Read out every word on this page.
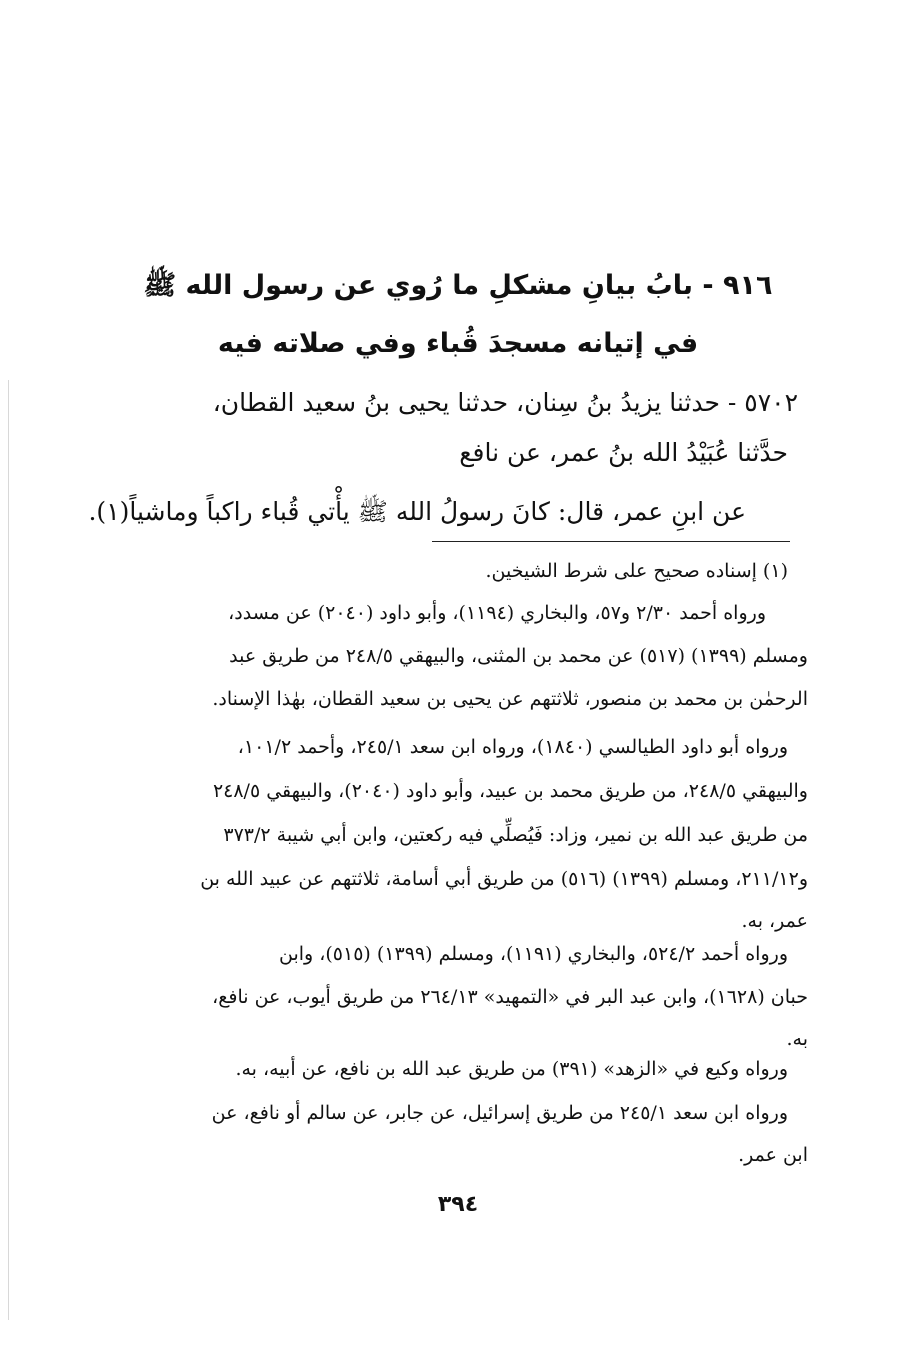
٩١٦ - بابُ بيانِ مشكلِ ما رُوي عن رسول الله ﷺ
في إتيانه مسجدَ قُباء وفي صلاته فيه
٥٧٠٢ - حدثنا يزيدُ بنُ سِنان، حدثنا يحيى بنُ سعيد القطان،
حدَّثنا عُبَيْدُ الله بنُ عمر، عن نافع
عن ابنِ عمر، قال: كانَ رسولُ الله ﷺ يأْتي قُباء راكباً وماشياً(١).
(١) إسناده صحيح على شرط الشيخين.
ورواه أحمد ٢/٣٠ و٥٧، والبخاري (١١٩٤)، وأبو داود (٢٠٤٠) عن مسدد،
ومسلم (١٣٩٩) (٥١٧) عن محمد بن المثنى، والبيهقي ٢٤٨/٥ من طريق عبد
الرحمٰن بن محمد بن منصور، ثلاثتهم عن يحيى بن سعيد القطان، بهٰذا الإسناد.
ورواه أبو داود الطيالسي (١٨٤٠)، ورواه ابن سعد ٢٤٥/١، وأحمد ١٠١/٢،
والبيهقي ٢٤٨/٥، من طريق محمد بن عبيد، وأبو داود (٢٠٤٠)، والبيهقي ٢٤٨/٥
من طريق عبد الله بن نمير، وزاد: فَيُصلِّي فيه ركعتين، وابن أبي شيبة ٣٧٣/٢
و٢١١/١٢، ومسلم (١٣٩٩) (٥١٦) من طريق أبي أسامة، ثلاثتهم عن عبيد الله بن
عمر، به.
ورواه أحمد ٥٢٤/٢، والبخاري (١١٩١)، ومسلم (١٣٩٩) (٥١٥)، وابن
حبان (١٦٢٨)، وابن عبد البر في «التمهيد» ٢٦٤/١٣ من طريق أيوب، عن نافع،
به.
ورواه وكيع في «الزهد» (٣٩١) من طريق عبد الله بن نافع، عن أبيه، به.
ورواه ابن سعد ٢٤٥/١ من طريق إسرائيل، عن جابر، عن سالم أو نافع، عن
ابن عمر.
٣٩٤
